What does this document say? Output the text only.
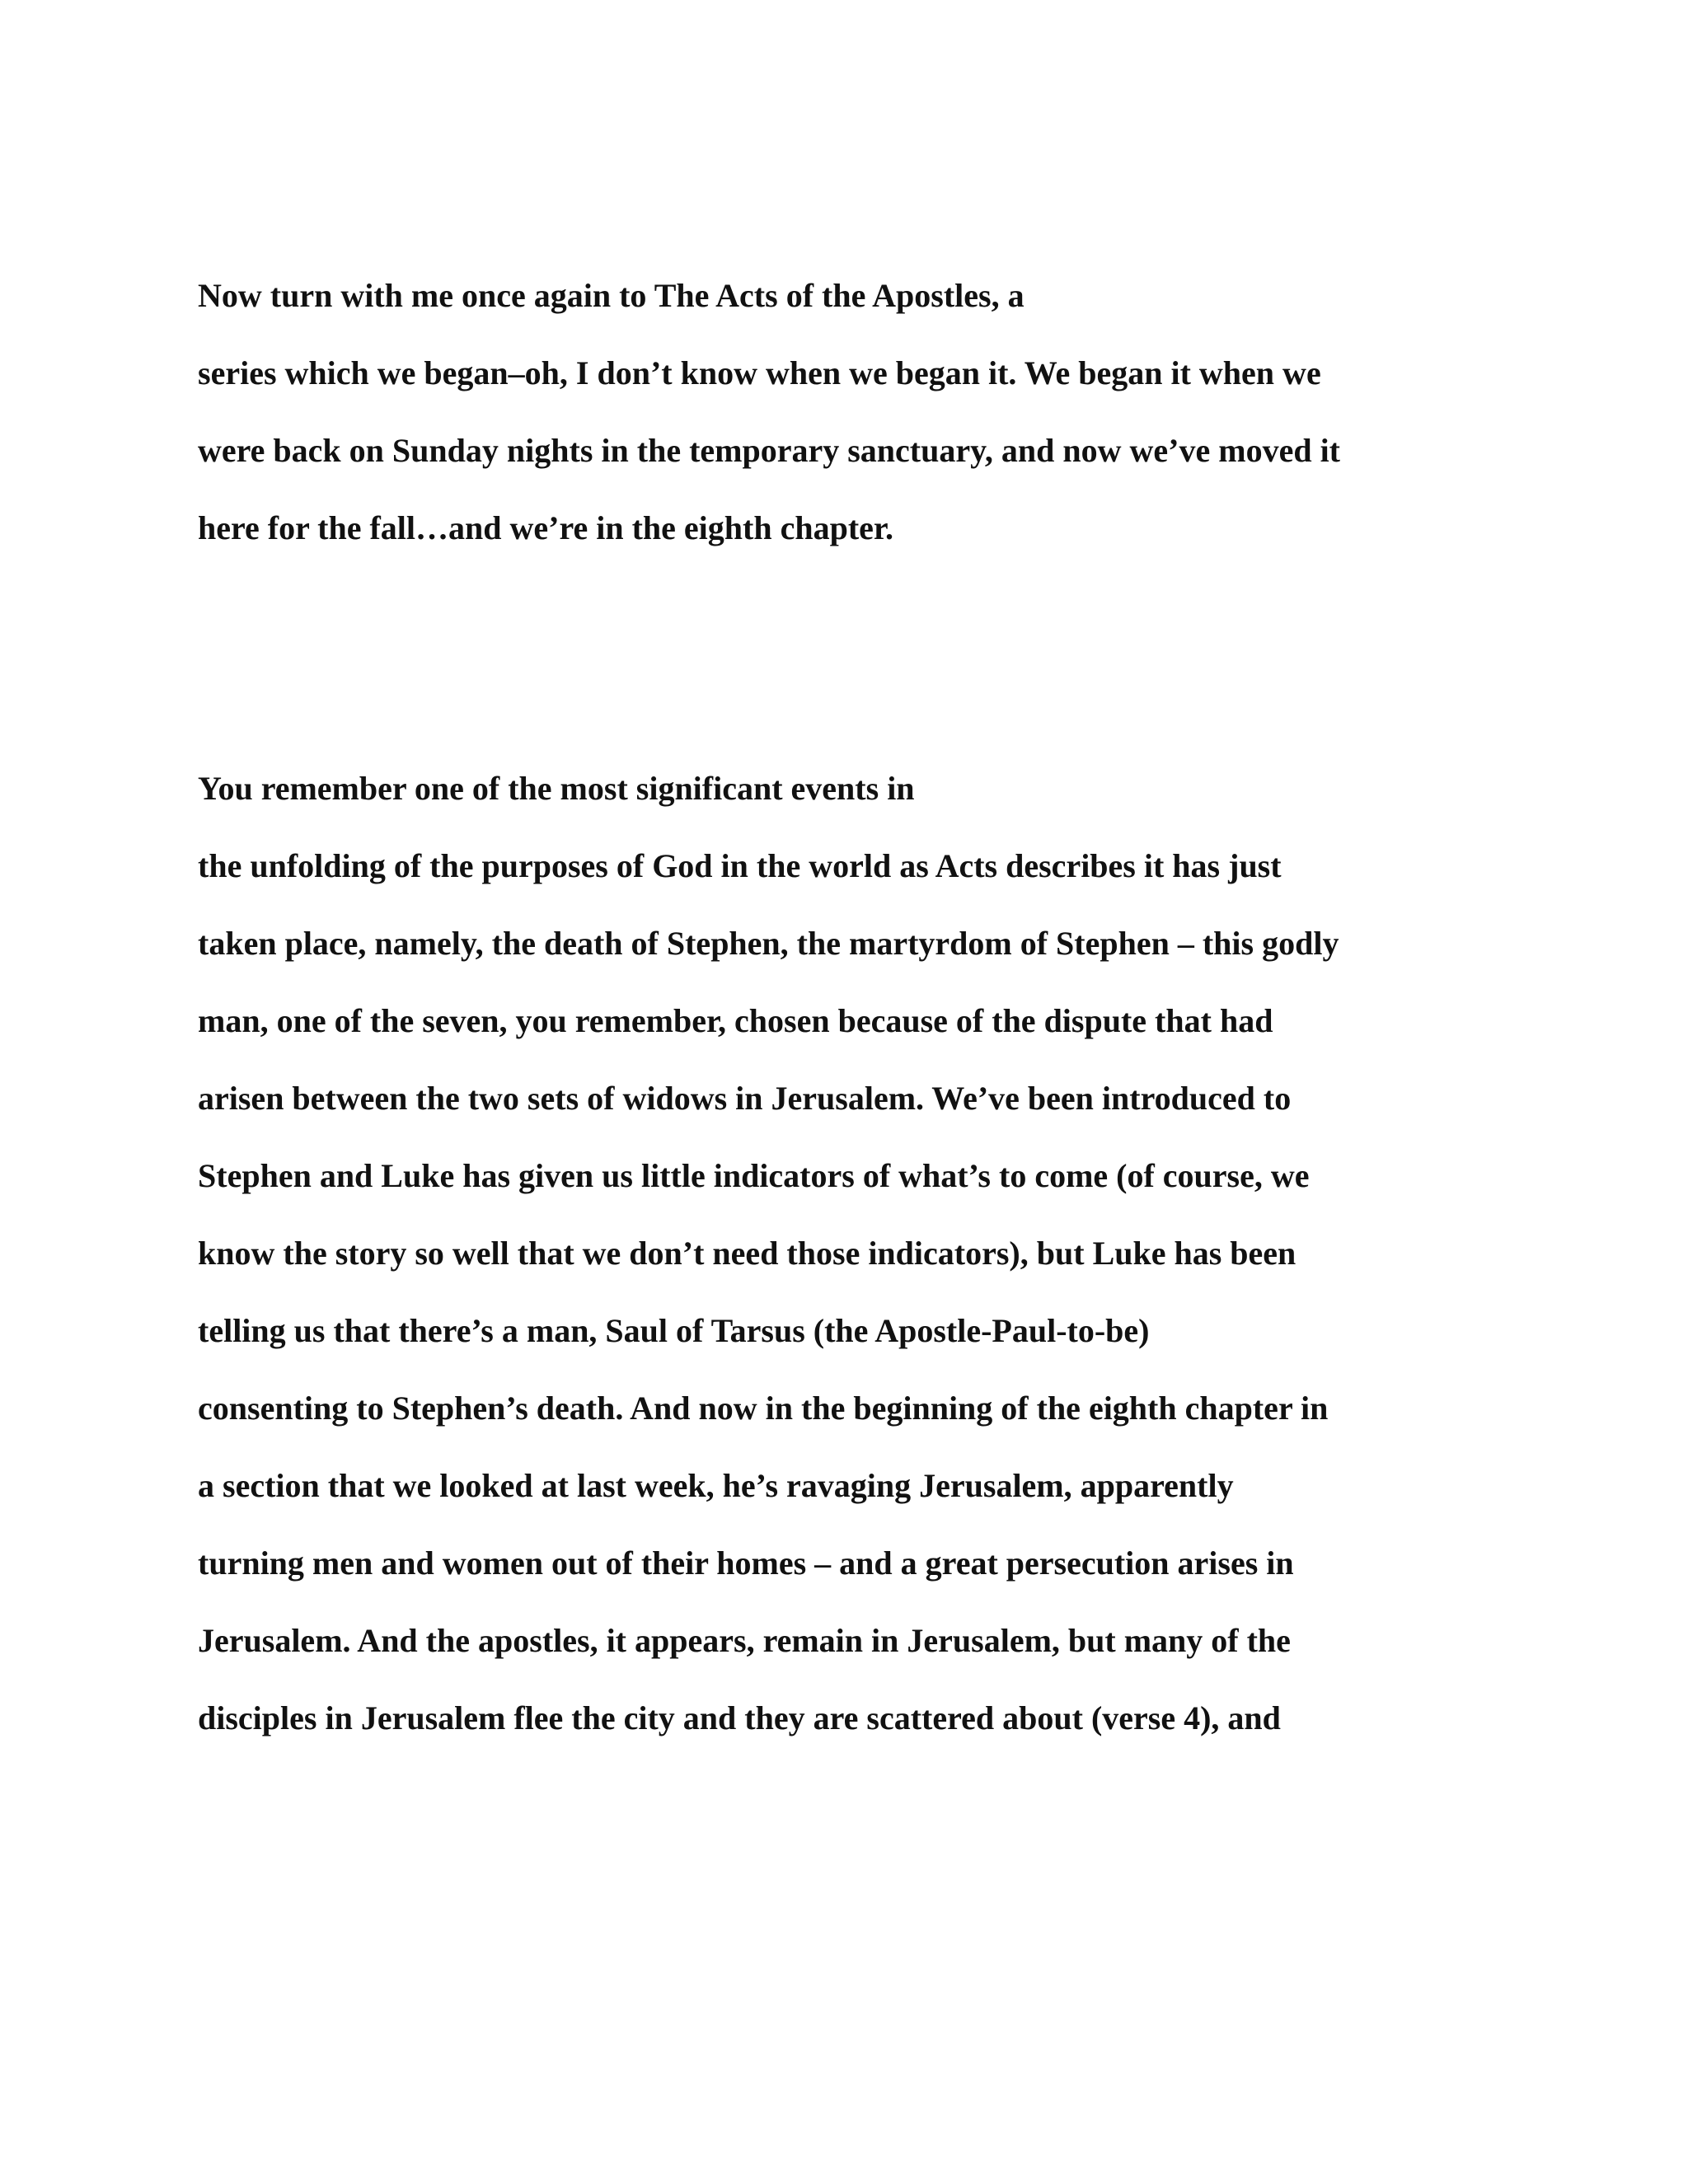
Now turn with me once again to The Acts of the Apostles, a
series which we began–oh, I don’t know when we began it. We began it when we
were back on Sunday nights in the temporary sanctuary, and now we’ve moved it
here for the fall…and we’re in the eighth chapter.
You remember one of the most significant events in
the unfolding of the purposes of God in the world as Acts describes it has just
taken place, namely, the death of Stephen, the martyrdom of Stephen – this godly
man, one of the seven, you remember, chosen because of the dispute that had
arisen between the two sets of widows in Jerusalem. We’ve been introduced to
Stephen and Luke has given us little indicators of what’s to come (of course, we
know the story so well that we don’t need those indicators), but Luke has been
telling us that there’s a man, Saul of Tarsus (the Apostle-Paul-to-be)
consenting to Stephen’s death. And now in the beginning of the eighth chapter in
a section that we looked at last week, he’s ravaging Jerusalem, apparently
turning men and women out of their homes – and a great persecution arises in
Jerusalem. And the apostles, it appears, remain in Jerusalem, but many of the
disciples in Jerusalem flee the city and they are scattered about (verse 4), and
